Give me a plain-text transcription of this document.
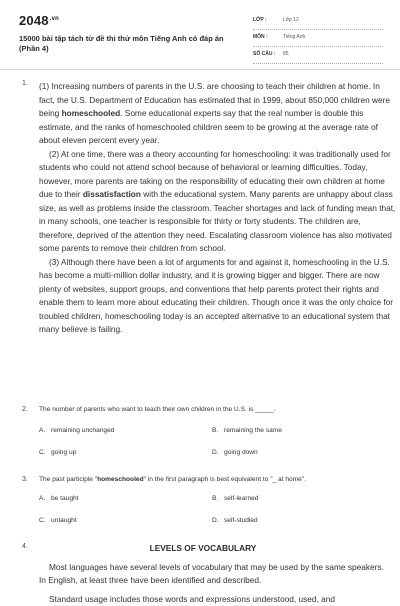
$2048^{.vn}$
15000 bài tập tách từ đề thi thử môn Tiếng Anh có đáp án (Phần 4)
LỚP :	Lớp 12
MÔN :	Tiếng Anh
SỐ CÂU : 85
1. (1) Increasing numbers of parents in the U.S. are choosing to teach their children at home. In fact, the U.S. Department of Education has estimated that in 1999, about 850,000 children were being homeschooled. Some educational experts say that the real number is double this estimate, and the ranks of homeschooled children seem to be growing at the average rate of about eleven percent every year.

(2) At one time, there was a theory accounting for homeschooling: it was traditionally used for students who could not attend school because of behavioral or learning difficulties. Today, however, more parents are taking on the responsibility of educating their own children at home due to their dissatisfaction with the educational system. Many parents are unhappy about class size, as well as problems inside the classroom. Teacher shortages and lack of funding mean that, in many schools, one teacher is responsible for thirty or forty students. The children are, therefore, deprived of the attention they need. Escalating classroom violence has also motivated some parents to remove their children from school.

(3) Although there have been a lot of arguments for and against it, homeschooling in the U.S. has become a multi-million dollar industry, and it is growing bigger and bigger. There are now plenty of websites, support groups, and conventions that help parents protect their rights and enable them to learn more about educating their children. Though once it was the only choice for troubled children, homeschooling today is an accepted alternative to an educational system that many believe is failing.

2. The number of parents who want to teach their own children in the U.S. is _____.
A. remaining unchanged	B. remaining the same
C. going up	D. going down
3. The past participle "homeschooled" in the first paragraph is best equivalent to "_ at home".
A. be taught	B. self-learned
C. untaught	D. self-studied
4.	LEVELS OF VOCABULARY
Most languages have several levels of vocabulary that may be used by the same speakers. In English, at least three have been identified and described.
Standard usage includes those words and expressions understood, used, and
